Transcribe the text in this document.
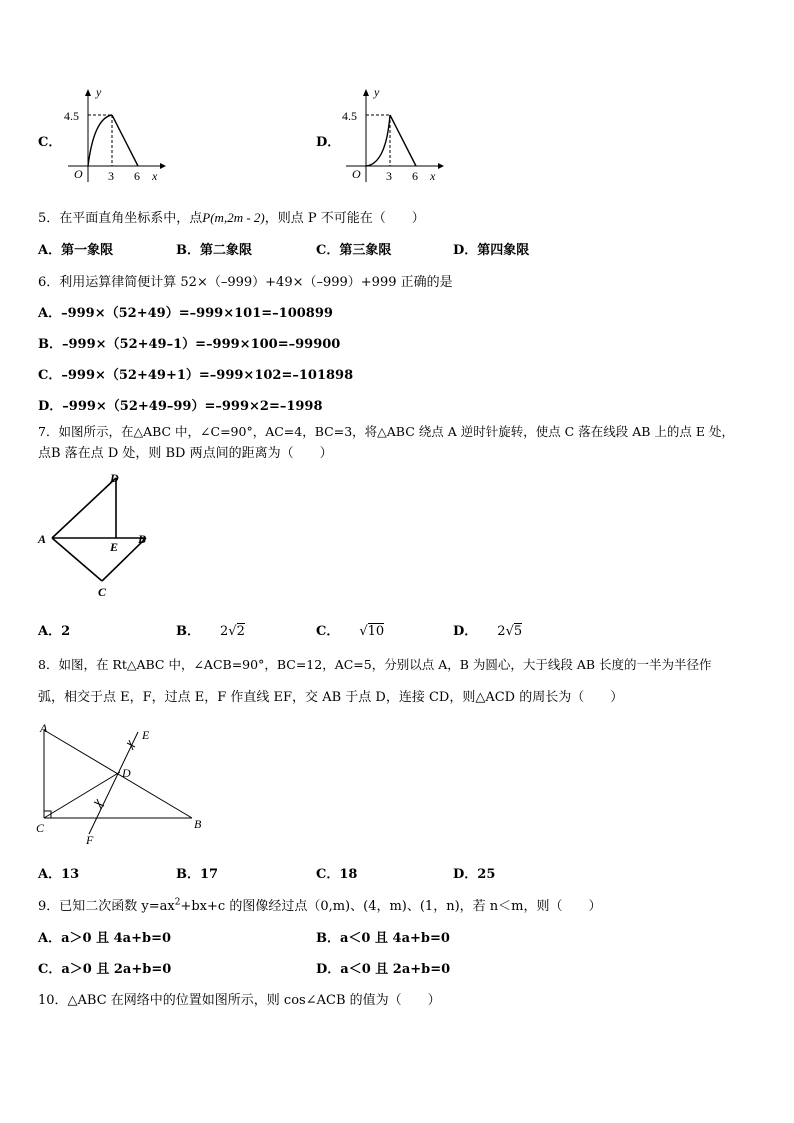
C．
y
x
O
4.5
3 6
D．
y
x
O
4.5
3 6
5．在平面直角坐标系中，点P(m,2m - 2)，则点 P 不可能在（　　）
A．第一象限	B．第二象限	C．第三象限	D．第四象限
6．利用运算律简便计算 52×（–999）+49×（–999）+999 正确的是
A．–999×（52+49）=–999×101=–100899
B．–999×（52+49–1）=–999×100=–99900
C．–999×（52+49+1）=–999×102=–101898
D．–999×（52+49–99）=–999×2=–1998
7．如图所示，在△ABC 中，∠C=90°，AC=4，BC=3，将△ABC 绕点 A 逆时针旋转，使点 C 落在线段 AB 上的点 E 处，
点B 落在点 D 处，则 BD 两点间的距离为（　　）
A	B
C
D
E
A．2	B． 2√2	C． √10	D． 2√5
8．如图，在 Rt△ABC 中，∠ACB=90°，BC=12，AC=5，分别以点 A，B 为圆心，大于线段 AB 长度的一半为半径作
弧，相交于点 E，F，过点 E，F 作直线 EF，交 AB 于点 D，连接 CD，则△ACD 的周长为（　　）
A
B
C
D
E
F
A．13	B．17	C．18	D．25
9．已知二次函数 $y=ax^2+bx+c$ 的图像经过点（0,m)、(4，m)、(1，n)，若 n＜m，则（　　）
A．a＞0 且 4a+b=0	B．a＜0 且 4a+b=0
C．a＞0 且 2a+b=0	D．a＜0 且 2a+b=0
10．△ABC 在网络中的位置如图所示，则 cos∠ACB 的值为（　　）
